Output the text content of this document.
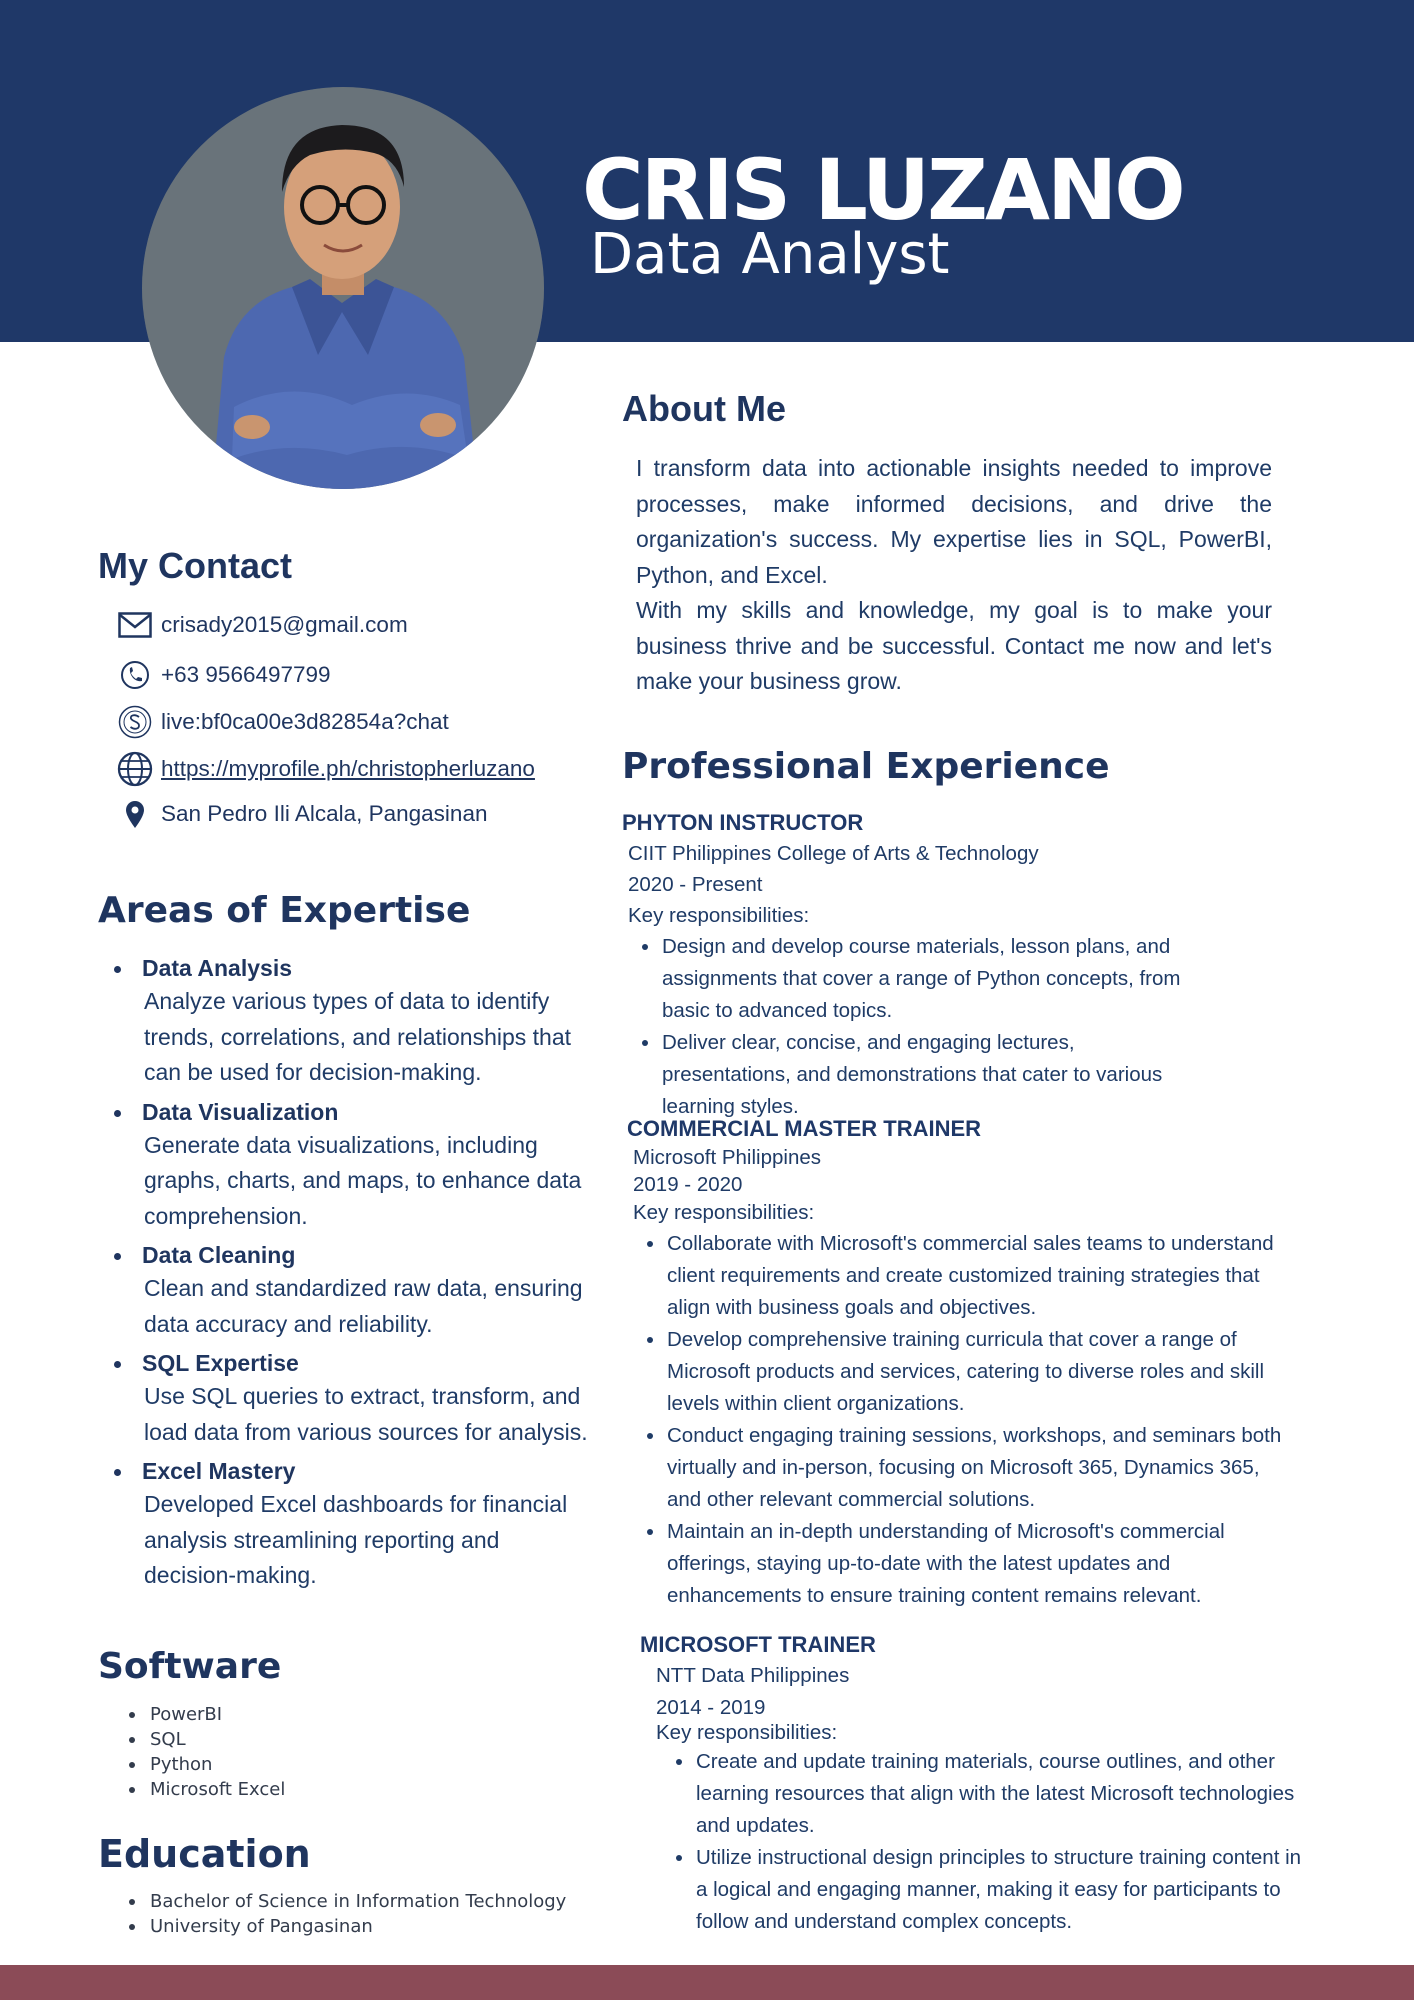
CRIS LUZANO
Data Analyst
About Me

I transform data into actionable insights needed to improve processes, make informed decisions, and drive the organization's success. My expertise lies in SQL, PowerBI, Python, and Excel.

With my skills and knowledge, my goal is to make your business thrive and be successful. Contact me now and let's make your business grow.

My Contact
crisady2015@gmail.com
+63 9566497799
live:bf0ca00e3d82854a?chat
https://myprofile.ph/christopherluzano
San Pedro Ili Alcala, Pangasinan
Areas of Expertise
Data Analysis
Analyze various types of data to identify trends, correlations, and relationships that can be used for decision-making.
Data Visualization
Generate data visualizations, including graphs, charts, and maps, to enhance data comprehension.
Data Cleaning
Clean and standardized raw data, ensuring data accuracy and reliability.
SQL Expertise
Use SQL queries to extract, transform, and load data from various sources for analysis.
Excel Mastery
Developed Excel dashboards for financial analysis streamlining reporting and decision-making.
Software
PowerBI
SQL
Python
Microsoft Excel
Education
Bachelor of Science in Information Technology
University of Pangasinan
Professional Experience
PHYTON INSTRUCTOR
CIIT Philippines College of Arts & Technology
2020 - Present
Key responsibilities:
Design and develop course materials, lesson plans, and assignments that cover a range of Python concepts, from basic to advanced topics.
Deliver clear, concise, and engaging lectures, presentations, and demonstrations that cater to various learning styles.
COMMERCIAL MASTER TRAINER
Microsoft Philippines
2019 - 2020
Key responsibilities:
Collaborate with Microsoft's commercial sales teams to understand client requirements and create customized training strategies that align with business goals and objectives.
Develop comprehensive training curricula that cover a range of Microsoft products and services, catering to diverse roles and skill levels within client organizations.
Conduct engaging training sessions, workshops, and seminars both virtually and in-person, focusing on Microsoft 365, Dynamics 365, and other relevant commercial solutions.
Maintain an in-depth understanding of Microsoft's commercial offerings, staying up-to-date with the latest updates and enhancements to ensure training content remains relevant.
MICROSOFT TRAINER
NTT Data Philippines
2014 - 2019
Key responsibilities:
Create and update training materials, course outlines, and other learning resources that align with the latest Microsoft technologies and updates.
Utilize instructional design principles to structure training content in a logical and engaging manner, making it easy for participants to follow and understand complex concepts.
